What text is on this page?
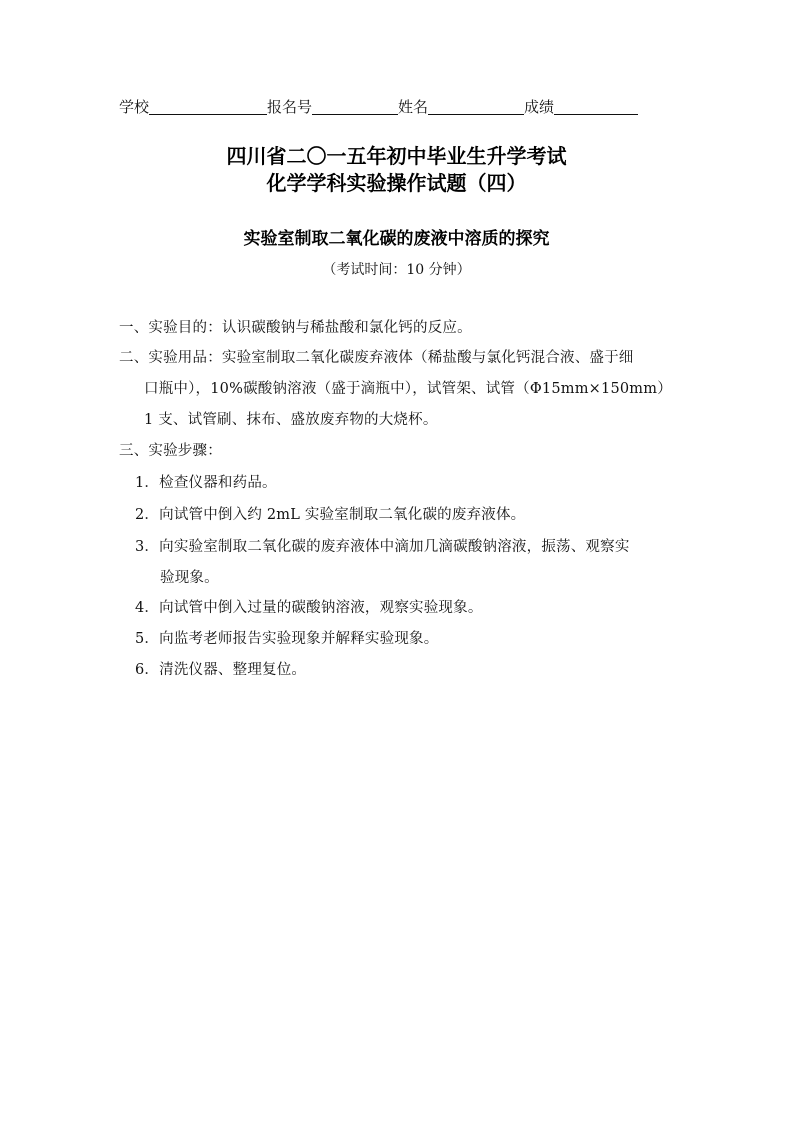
学校	报名号	姓名	成绩
四川省二〇一五年初中毕业生升学考试
化学学科实验操作试题（四）
实验室制取二氧化碳的废液中溶质的探究
（考试时间：10 分钟）
一、实验目的：认识碳酸钠与稀盐酸和氯化钙的反应。
二、实验用品：实验室制取二氧化碳废弃液体（稀盐酸与氯化钙混合液、盛于细
口瓶中），10%碳酸钠溶液（盛于滴瓶中），试管架、试管（Φ15mm×150mm）
1 支、试管刷、抹布、盛放废弃物的大烧杯。
三、实验步骤：
1．检查仪器和药品。
2．向试管中倒入约 2mL 实验室制取二氧化碳的废弃液体。
3．向实验室制取二氧化碳的废弃液体中滴加几滴碳酸钠溶液，振荡、观察实
验现象。
4．向试管中倒入过量的碳酸钠溶液，观察实验现象。
5．向监考老师报告实验现象并解释实验现象。
6．清洗仪器、整理复位。
